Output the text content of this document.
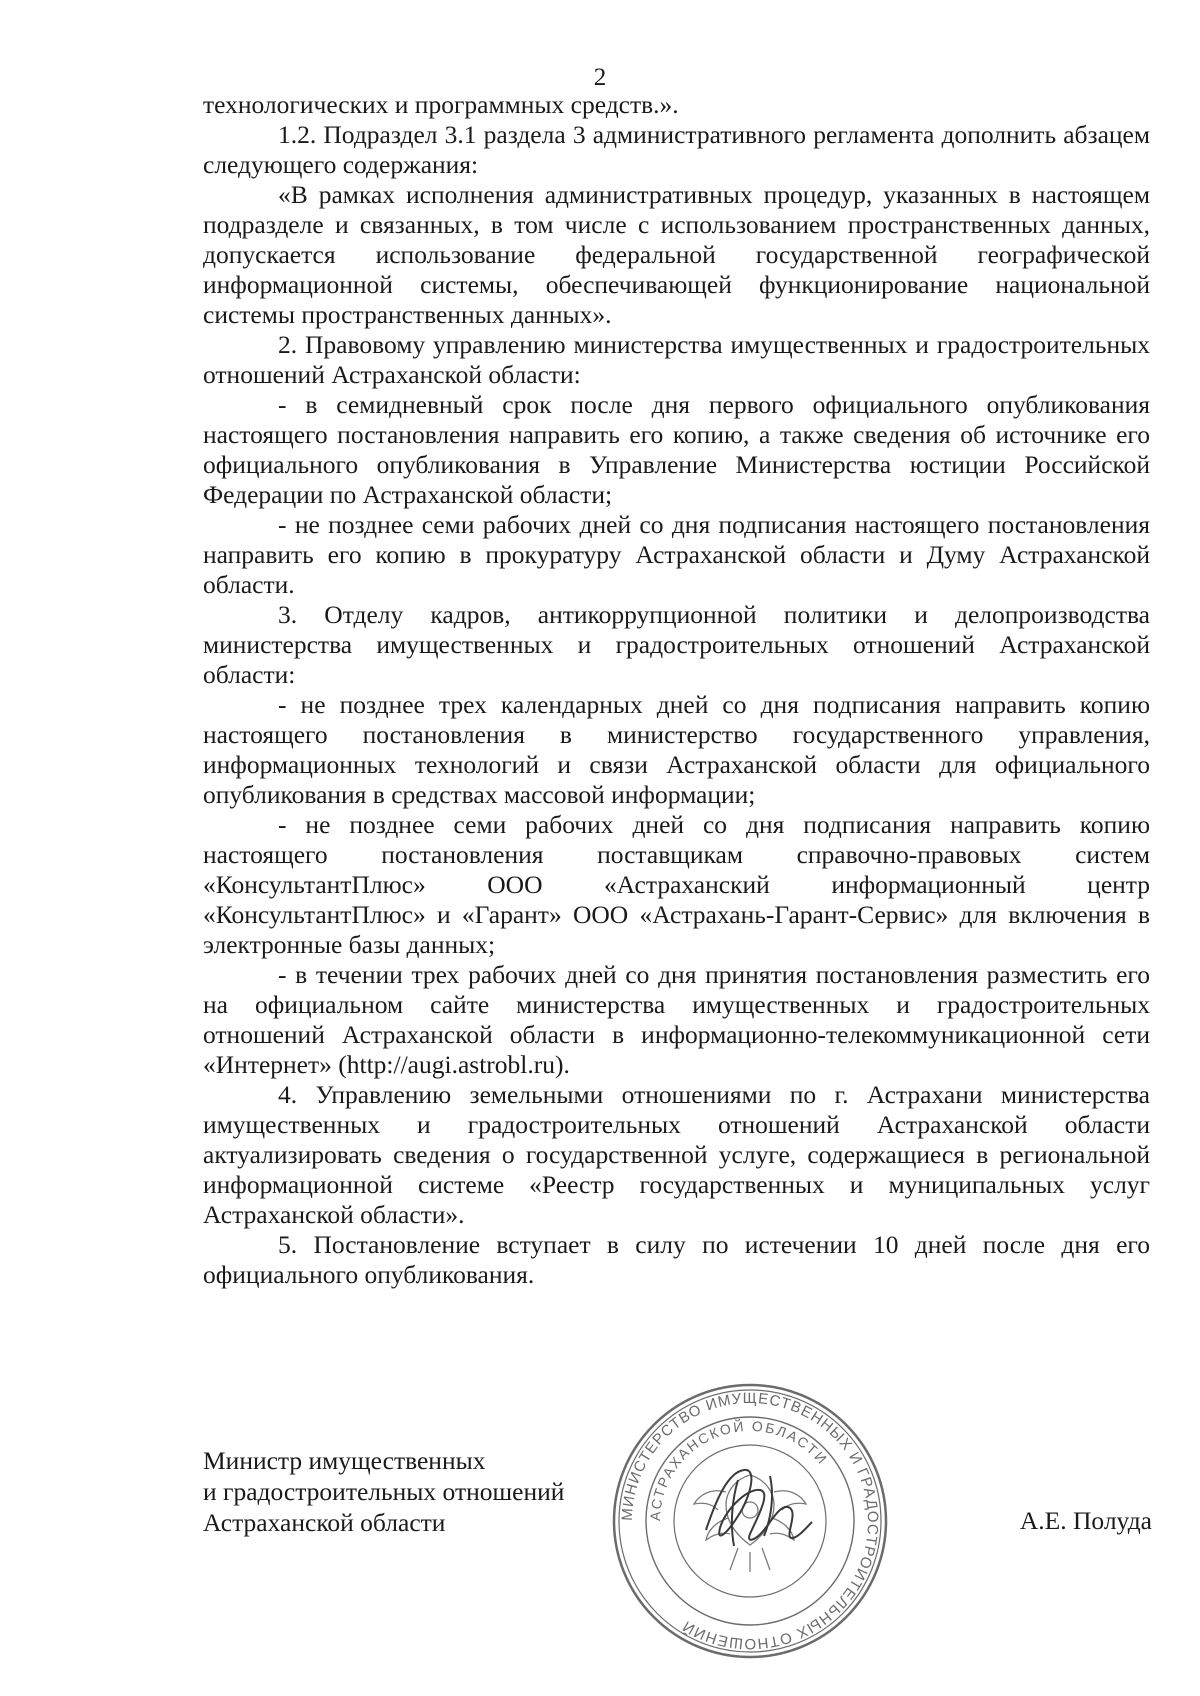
2

технологических и программных средств.».

1.2. Подраздел 3.1 раздела 3 административного регламента дополнить абзацем следующего содержания:

«В рамках исполнения административных процедур, указанных в настоящем подразделе и связанных, в том числе с использованием пространственных данных, допускается использование федеральной государственной географической информационной системы, обеспечивающей функционирование национальной системы пространственных данных».

2. Правовому управлению министерства имущественных и градостроительных отношений Астраханской области:

- в семидневный срок после дня первого официального опубликования настоящего постановления направить его копию, а также сведения об источнике его официального опубликования в Управление Министерства юстиции Российской Федерации по Астраханской области;

- не позднее семи рабочих дней со дня подписания настоящего постановления направить его копию в прокуратуру Астраханской области и Думу Астраханской области.

3. Отделу кадров, антикоррупционной политики и делопроизводства министерства имущественных и градостроительных отношений Астраханской области:

- не позднее трех календарных дней со дня подписания направить копию настоящего постановления в министерство государственного управления, информационных технологий и связи Астраханской области для официального опубликования в средствах массовой информации;

- не позднее семи рабочих дней со дня подписания направить копию настоящего постановления поставщикам справочно-правовых систем «КонсультантПлюс» ООО «Астраханский информационный центр «КонсультантПлюс» и «Гарант» ООО «Астрахань-Гарант-Сервис» для включения в электронные базы данных;

- в течении трех рабочих дней со дня принятия постановления разместить его на официальном сайте министерства имущественных и градостроительных отношений Астраханской области в информационно-телекоммуникационной сети «Интернет» (http://augi.astrobl.ru).

4. Управлению земельными отношениями по г. Астрахани министерства имущественных и градостроительных отношений Астраханской области актуализировать сведения о государственной услуге, содержащиеся в региональной информационной системе «Реестр государственных и муниципальных услуг Астраханской области».

5. Постановление вступает в силу по истечении 10 дней после дня его официального опубликования.

Министр имущественных
и градостроительных отношений
Астраханской области	МИНИСТЕРСТВО ИМУЩЕСТВЕННЫХ И ГРАДОСТРОИТЕЛЬНЫХ ОТНОШЕНИЙ
АСТРАХАНСКОЙ ОБЛАСТИ
А.Е. Полуда
